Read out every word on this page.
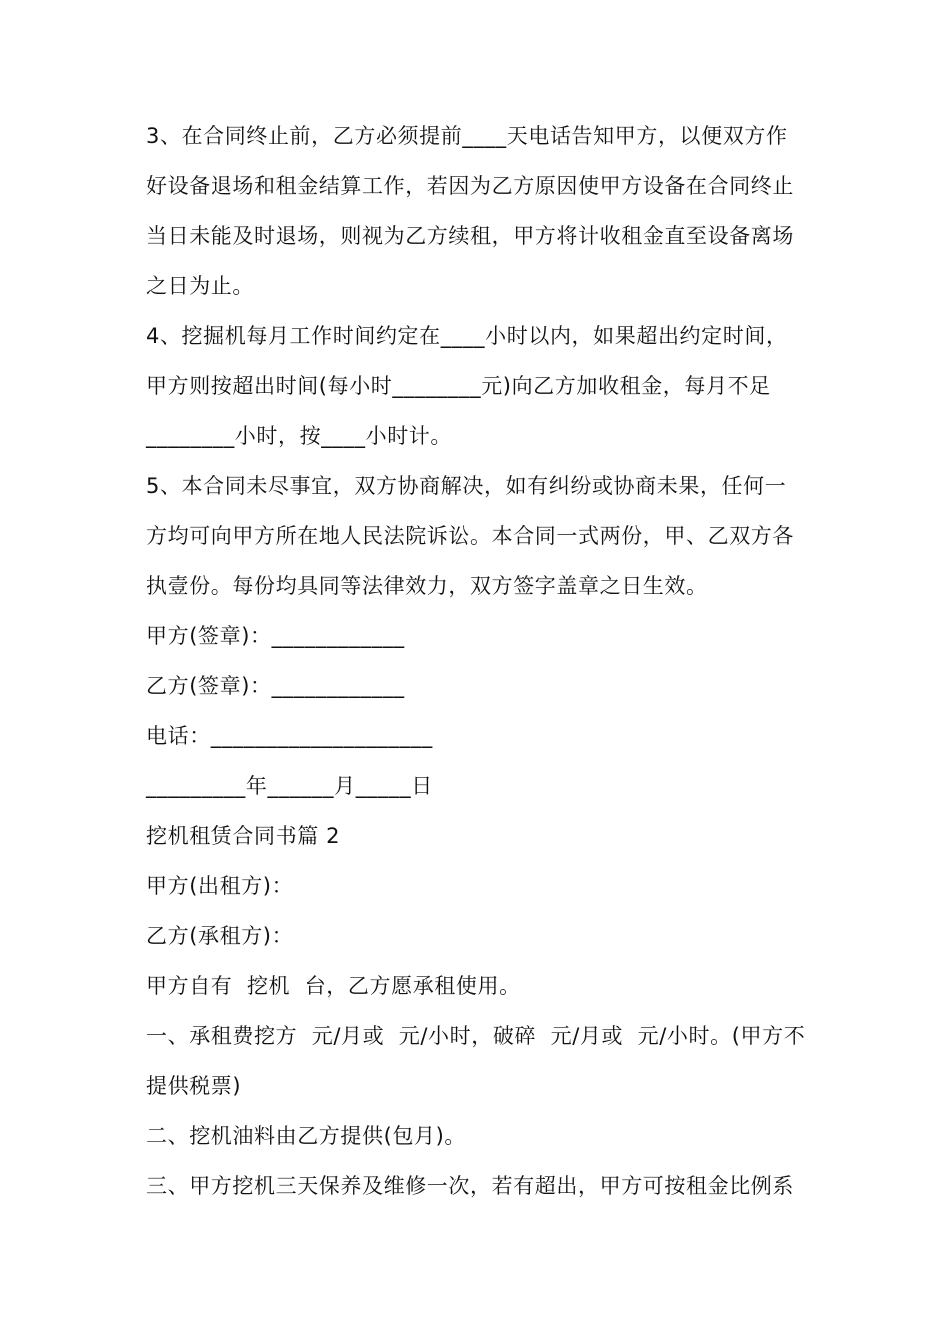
3、在合同终止前，乙方必须提前____天电话告知甲方，以便双方作

好设备退场和租金结算工作，若因为乙方原因使甲方设备在合同终止

当日未能及时退场，则视为乙方续租，甲方将计收租金直至设备离场

之日为止。

4、挖掘机每月工作时间约定在____小时以内，如果超出约定时间，

甲方则按超出时间(每小时________元)向乙方加收租金，每月不足

________小时，按____小时计。

5、本合同未尽事宜，双方协商解决，如有纠纷或协商未果，任何一

方均可向甲方所在地人民法院诉讼。本合同一式两份，甲、乙双方各

执壹份。每份均具同等法律效力，双方签字盖章之日生效。

甲方(签章)：____________

乙方(签章)：____________

电话：____________________

_________年______月_____日

挖机租赁合同书篇 2

甲方(出租方)：

乙方(承租方)：

甲方自有  挖机  台，乙方愿承租使用。

一、承租费挖方  元/月或  元/小时，破碎  元/月或  元/小时。(甲方不

提供税票)

二、挖机油料由乙方提供(包月)。

三、甲方挖机三天保养及维修一次，若有超出，甲方可按租金比例系
